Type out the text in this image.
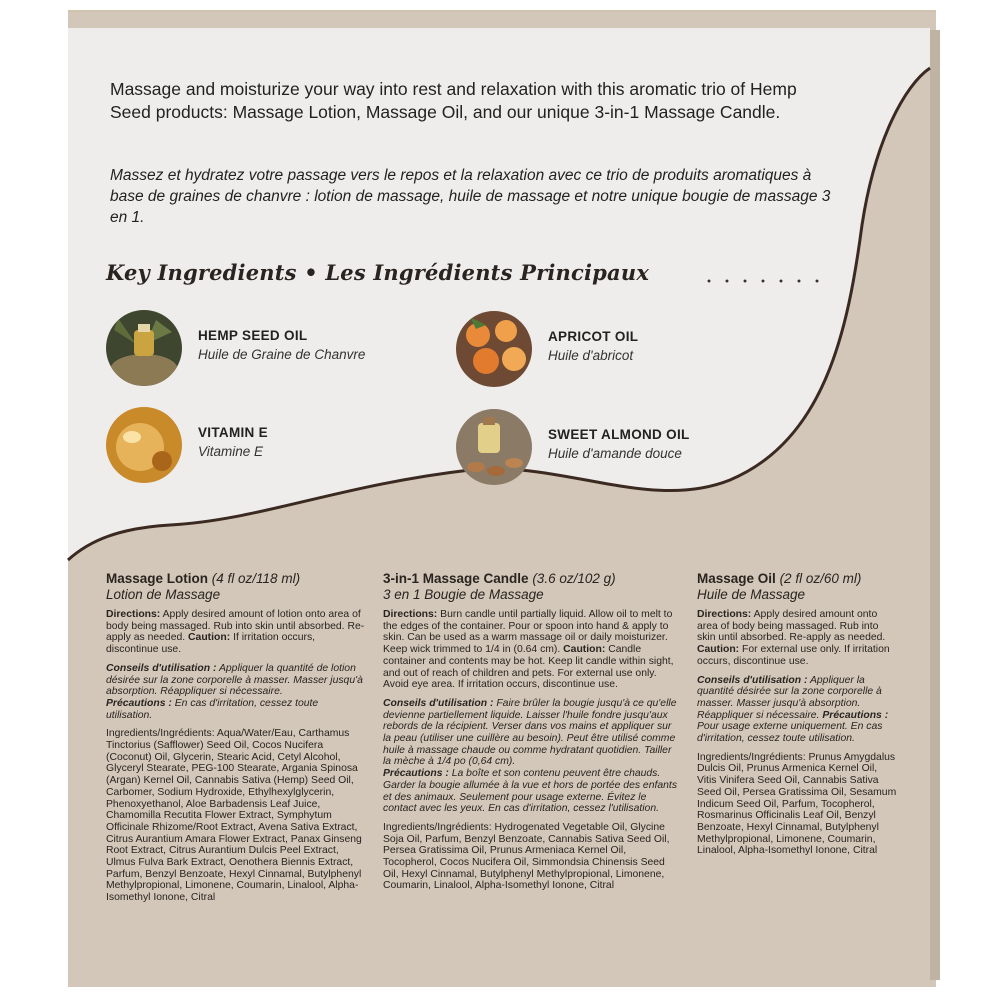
Massage and moisturize your way into rest and relaxation with this aromatic trio of Hemp Seed products: Massage Lotion, Massage Oil, and our unique 3-in-1 Massage Candle.
Massez et hydratez votre passage vers le repos et la relaxation avec ce trio de produits aromatiques à base de graines de chanvre : lotion de massage, huile de massage et notre unique bougie de massage 3 en 1.
Key Ingredients • Les Ingrédients Principaux
HEMP SEED OIL
Huile de Graine de Chanvre
APRICOT OIL
Huile d'abricot
VITAMIN E
Vitamine E
SWEET ALMOND OIL
Huile d'amande douce
Massage Lotion (4 fl oz/118 ml)
Lotion de Massage

Directions: Apply desired amount of lotion onto area of body being massaged. Rub into skin until absorbed. Re-apply as needed. Caution: If irritation occurs, discontinue use.

Conseils d'utilisation : Appliquer la quantité de lotion désirée sur la zone corporelle à masser. Masser jusqu'à absorption. Réappliquer si nécessaire.
Précautions : En cas d'irritation, cessez toute utilisation.

Ingredients/Ingrédients: Aqua/Water/Eau, Carthamus Tinctorius (Safflower) Seed Oil, Cocos Nucifera (Coconut) Oil, Glycerin, Stearic Acid, Cetyl Alcohol, Glyceryl Stearate, PEG-100 Stearate, Argania Spinosa (Argan) Kernel Oil, Cannabis Sativa (Hemp) Seed Oil, Carbomer, Sodium Hydroxide, Ethylhexylglycerin, Phenoxyethanol, Aloe Barbadensis Leaf Juice, Chamomilla Recutita Flower Extract, Symphytum Officinale Rhizome/Root Extract, Avena Sativa Extract, Citrus Aurantium Amara Flower Extract, Panax Ginseng Root Extract, Citrus Aurantium Dulcis Peel Extract, Ulmus Fulva Bark Extract, Oenothera Biennis Extract, Parfum, Benzyl Benzoate, Hexyl Cinnamal, Butylphenyl Methylpropional, Limonene, Coumarin, Linalool, Alpha-Isomethyl Ionone, Citral

3-in-1 Massage Candle (3.6 oz/102 g)
3 en 1 Bougie de Massage

Directions: Burn candle until partially liquid. Allow oil to melt to the edges of the container. Pour or spoon into hand & apply to skin. Can be used as a warm massage oil or daily moisturizer. Keep wick trimmed to 1/4 in (0.64 cm). Caution: Candle container and contents may be hot. Keep lit candle within sight, and out of reach of children and pets. For external use only. Avoid eye area. If irritation occurs, discontinue use.

Conseils d'utilisation : Faire brûler la bougie jusqu'à ce qu'elle devienne partiellement liquide. Laisser l'huile fondre jusqu'aux rebords de la récipient. Verser dans vos mains et appliquer sur la peau (utiliser une cuillère au besoin). Peut être utilisé comme huile à massage chaude ou comme hydratant quotidien. Tailler la mèche à 1/4 po (0,64 cm).
Précautions : La boîte et son contenu peuvent être chauds. Garder la bougie allumée à la vue et hors de portée des enfants et des animaux. Seulement pour usage externe. Évitez le contact avec les yeux. En cas d'irritation, cessez l'utilisation.

Ingredients/Ingrédients: Hydrogenated Vegetable Oil, Glycine Soja Oil, Parfum, Benzyl Benzoate, Cannabis Sativa Seed Oil, Persea Gratissima Oil, Prunus Armeniaca Kernel Oil, Tocopherol, Cocos Nucifera Oil, Simmondsia Chinensis Seed Oil, Hexyl Cinnamal, Butylphenyl Methylpropional, Limonene, Coumarin, Linalool, Alpha-Isomethyl Ionone, Citral

Massage Oil (2 fl oz/60 ml)
Huile de Massage

Directions: Apply desired amount onto area of body being massaged. Rub into skin until absorbed. Re-apply as needed. Caution: For external use only. If irritation occurs, discontinue use.

Conseils d'utilisation : Appliquer la quantité désirée sur la zone corporelle à masser. Masser jusqu'à absorption. Réappliquer si nécessaire. Précautions : Pour usage externe uniquement. En cas d'irritation, cessez toute utilisation.

Ingredients/Ingrédients: Prunus Amygdalus Dulcis Oil, Prunus Armenica Kernel Oil, Vitis Vinifera Seed Oil, Cannabis Sativa Seed Oil, Persea Gratissima Oil, Sesamum Indicum Seed Oil, Parfum, Tocopherol, Rosmarinus Officinalis Leaf Oil, Benzyl Benzoate, Hexyl Cinnamal, Butylphenyl Methylpropional, Limonene, Coumarin, Linalool, Alpha-Isomethyl Ionone, Citral
